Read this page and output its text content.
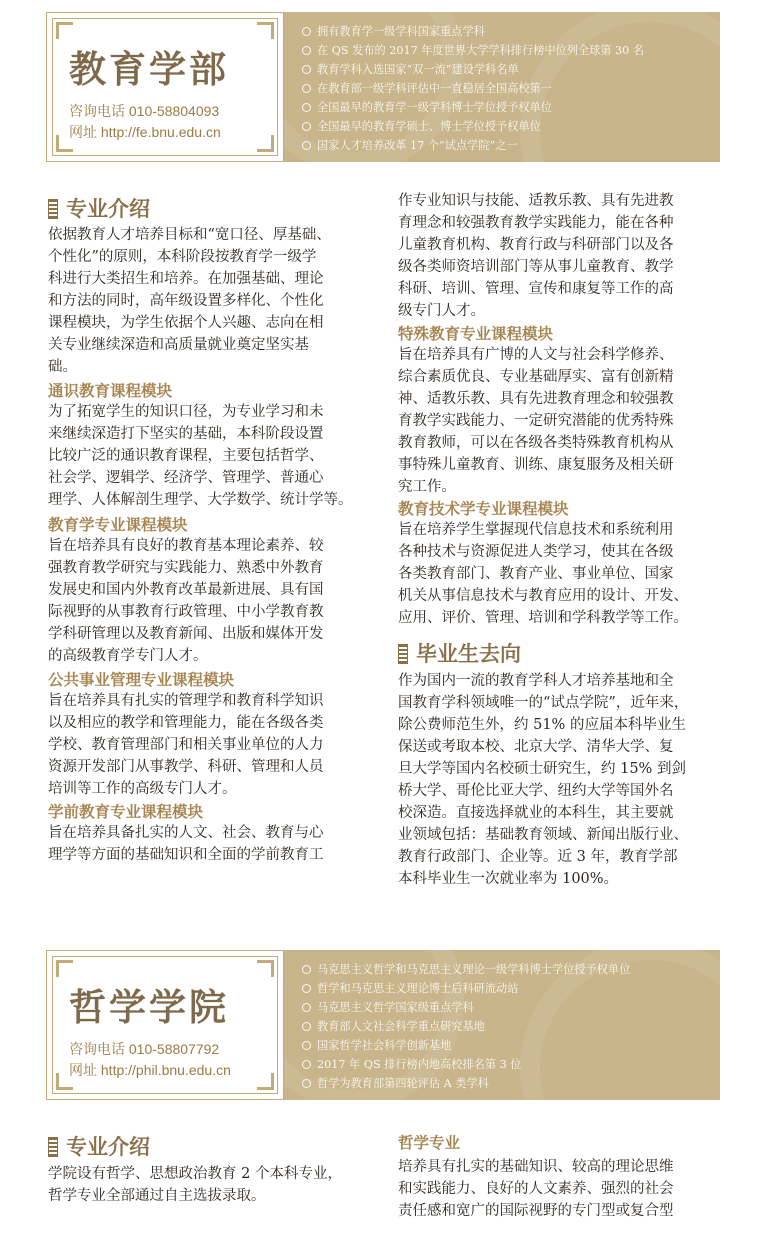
教育学部
咨询电话 010-58804093
网址 http://fe.bnu.edu.cn
拥有教育学一级学科国家重点学科
在 QS 发布的 2017 年度世界大学学科排行榜中位列全球第 30 名
教育学科入选国家“双一流”建设学科名单
在教育部一级学科评估中一直稳居全国高校第一
全国最早的教育学一级学科博士学位授予权单位
全国最早的教育学硕士、博士学位授予权单位
国家人才培养改革 17 个“试点学院”之一
专业介绍
依据教育人才培养目标和“宽口径、厚基础、
个性化”的原则，本科阶段按教育学一级学
科进行大类招生和培养。在加强基础、理论
和方法的同时，高年级设置多样化、个性化
课程模块，为学生依据个人兴趣、志向在相
关专业继续深造和高质量就业奠定坚实基
础。
通识教育课程模块
为了拓宽学生的知识口径，为专业学习和未
来继续深造打下坚实的基础，本科阶段设置
比较广泛的通识教育课程，主要包括哲学、
社会学、逻辑学、经济学、管理学、普通心
理学、人体解剖生理学、大学数学、统计学等。
教育学专业课程模块
旨在培养具有良好的教育基本理论素养、较
强教育教学研究与实践能力、熟悉中外教育
发展史和国内外教育改革最新进展、具有国
际视野的从事教育行政管理、中小学教育教
学科研管理以及教育新闻、出版和媒体开发
的高级教育学专门人才。
公共事业管理专业课程模块
旨在培养具有扎实的管理学和教育科学知识
以及相应的教学和管理能力，能在各级各类
学校、教育管理部门和相关事业单位的人力
资源开发部门从事教学、科研、管理和人员
培训等工作的高级专门人才。
学前教育专业课程模块
旨在培养具备扎实的人文、社会、教育与心
理学等方面的基础知识和全面的学前教育工
作专业知识与技能、适教乐教、具有先进教
育理念和较强教育教学实践能力，能在各种
儿童教育机构、教育行政与科研部门以及各
级各类师资培训部门等从事儿童教育、教学
科研、培训、管理、宣传和康复等工作的高
级专门人才。
特殊教育专业课程模块
旨在培养具有广博的人文与社会科学修养、
综合素质优良、专业基础厚实、富有创新精
神、适教乐教、具有先进教育理念和较强教
育教学实践能力、一定研究潜能的优秀特殊
教育教师，可以在各级各类特殊教育机构从
事特殊儿童教育、训练、康复服务及相关研
究工作。
教育技术学专业课程模块
旨在培养学生掌握现代信息技术和系统利用
各种技术与资源促进人类学习，使其在各级
各类教育部门、教育产业、事业单位、国家
机关从事信息技术与教育应用的设计、开发、
应用、评价、管理、培训和学科教学等工作。
毕业生去向
作为国内一流的教育学科人才培养基地和全
国教育学科领域唯一的“试点学院”，近年来，
除公费师范生外，约 51% 的应届本科毕业生
保送或考取本校、北京大学、清华大学、复
旦大学等国内名校硕士研究生，约 15% 到剑
桥大学、哥伦比亚大学、纽约大学等国外名
校深造。直接选择就业的本科生，其主要就
业领域包括：基础教育领域、新闻出版行业、
教育行政部门、企业等。近 3 年，教育学部
本科毕业生一次就业率为 100%。
哲学学院
咨询电话 010-58807792
网址 http://phil.bnu.edu.cn
马克思主义哲学和马克思主义理论一级学科博士学位授予权单位
哲学和马克思主义理论博士后科研流动站
马克思主义哲学国家级重点学科
教育部人文社会科学重点研究基地
国家哲学社会科学创新基地
2017 年 QS 排行榜内地高校排名第 3 位
哲学为教育部第四轮评估 A 类学科
专业介绍
学院设有哲学、思想政治教育 2 个本科专业，
哲学专业全部通过自主选拔录取。
哲学专业
培养具有扎实的基础知识、较高的理论思维
和实践能力、良好的人文素养、强烈的社会
责任感和宽广的国际视野的专门型或复合型
